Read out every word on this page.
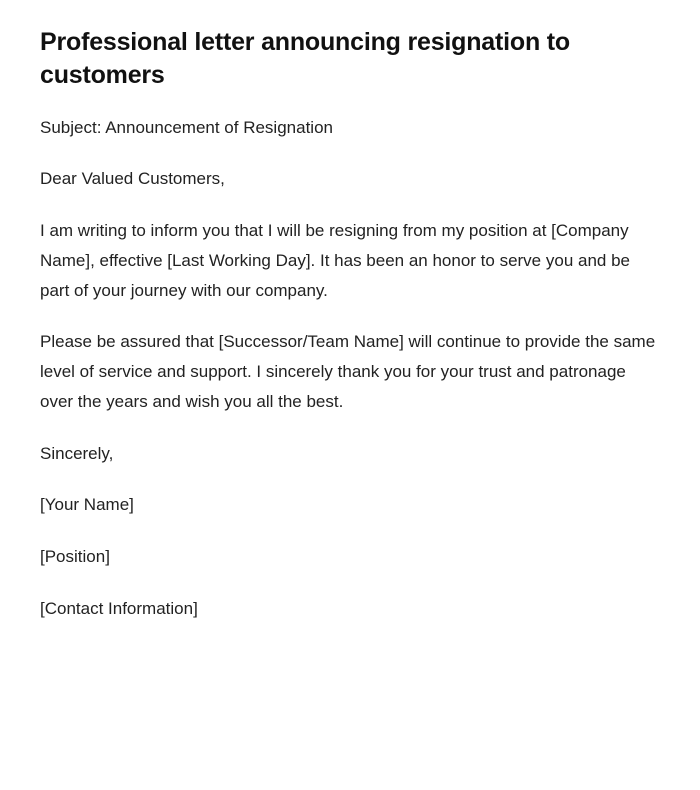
Professional letter announcing resignation to customers

Subject: Announcement of Resignation

Dear Valued Customers,

I am writing to inform you that I will be resigning from my position at [Company Name], effective [Last Working Day]. It has been an honor to serve you and be part of your journey with our company.

Please be assured that [Successor/Team Name] will continue to provide the same level of service and support. I sincerely thank you for your trust and patronage over the years and wish you all the best.

Sincerely,

[Your Name]

[Position]

[Contact Information]
